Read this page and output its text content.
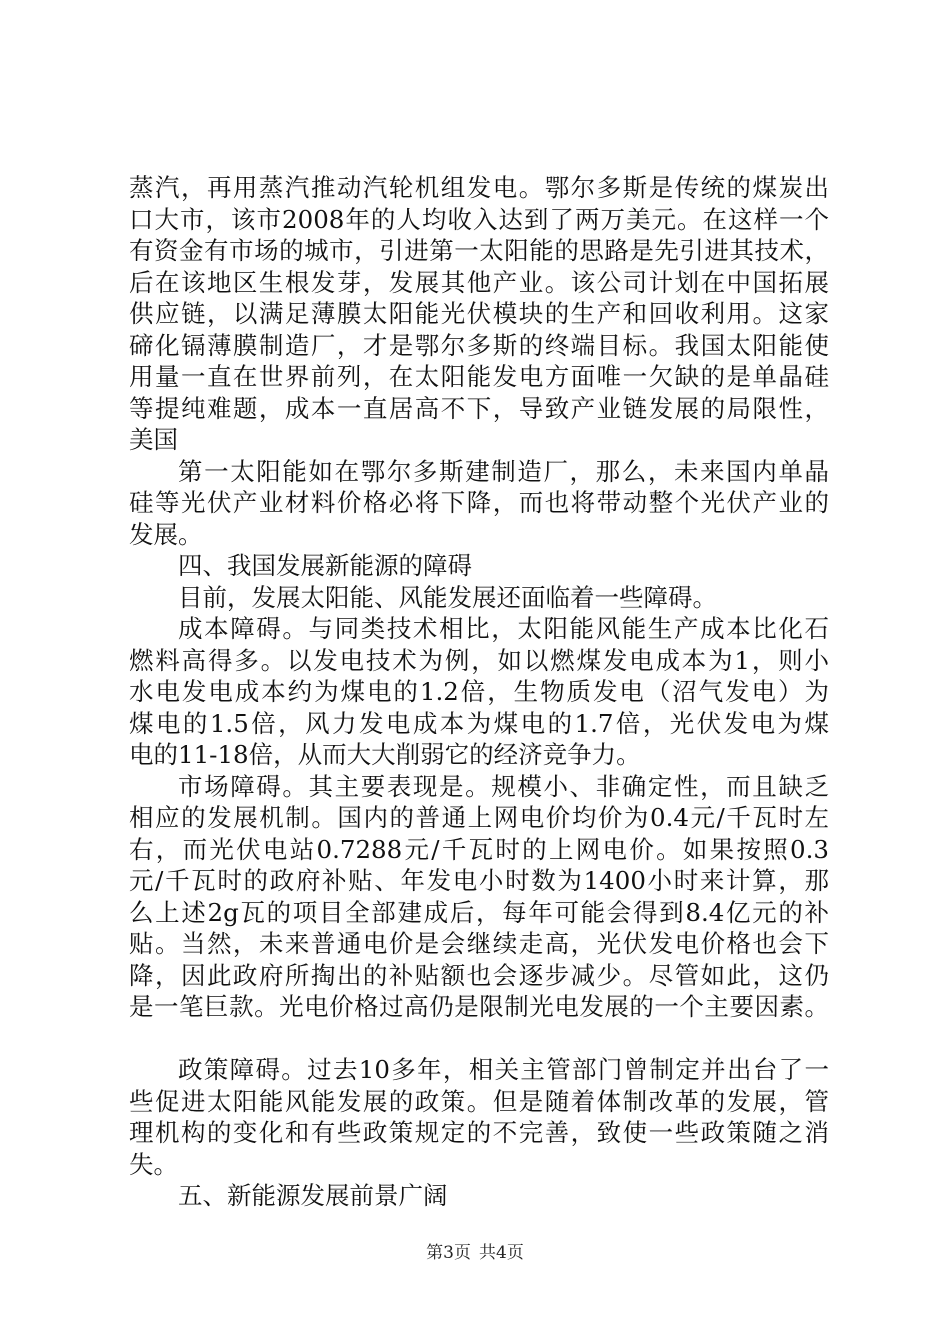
蒸汽，再用蒸汽推动汽轮机组发电。鄂尔多斯是传统的煤炭出
口大市，该市2008年的人均收入达到了两万美元。在这样一个
有资金有市场的城市，引进第一太阳能的思路是先引进其技术，
后在该地区生根发芽，发展其他产业。该公司计划在中国拓展
供应链，以满足薄膜太阳能光伏模块的生产和回收利用。这家
碲化镉薄膜制造厂，才是鄂尔多斯的终端目标。我国太阳能使
用量一直在世界前列，在太阳能发电方面唯一欠缺的是单晶硅
等提纯难题，成本一直居高不下，导致产业链发展的局限性，
美国
第一太阳能如在鄂尔多斯建制造厂，那么，未来国内单晶
硅等光伏产业材料价格必将下降，而也将带动整个光伏产业的
发展。
四、我国发展新能源的障碍
目前，发展太阳能、风能发展还面临着一些障碍。
成本障碍。与同类技术相比，太阳能风能生产成本比化石
燃料高得多。以发电技术为例，如以燃煤发电成本为1，则小
水电发电成本约为煤电的1.2倍，生物质发电（沼气发电）为
煤电的1.5倍，风力发电成本为煤电的1.7倍，光伏发电为煤
电的11-18倍，从而大大削弱它的经济竞争力。
市场障碍。其主要表现是。规模小、非确定性，而且缺乏
相应的发展机制。国内的普通上网电价均价为0.4元/千瓦时左
右，而光伏电站0.7288元/千瓦时的上网电价。如果按照0.3
元/千瓦时的政府补贴、年发电小时数为1400小时来计算，那
么上述2g瓦的项目全部建成后，每年可能会得到8.4亿元的补
贴。当然，未来普通电价是会继续走高，光伏发电价格也会下
降，因此政府所掏出的补贴额也会逐步减少。尽管如此，这仍
是一笔巨款。光电价格过高仍是限制光电发展的一个主要因素。
政策障碍。过去10多年，相关主管部门曾制定并出台了一
些促进太阳能风能发展的政策。但是随着体制改革的发展，管
理机构的变化和有些政策规定的不完善，致使一些政策随之消
失。
五、新能源发展前景广阔
第3页 共4页
